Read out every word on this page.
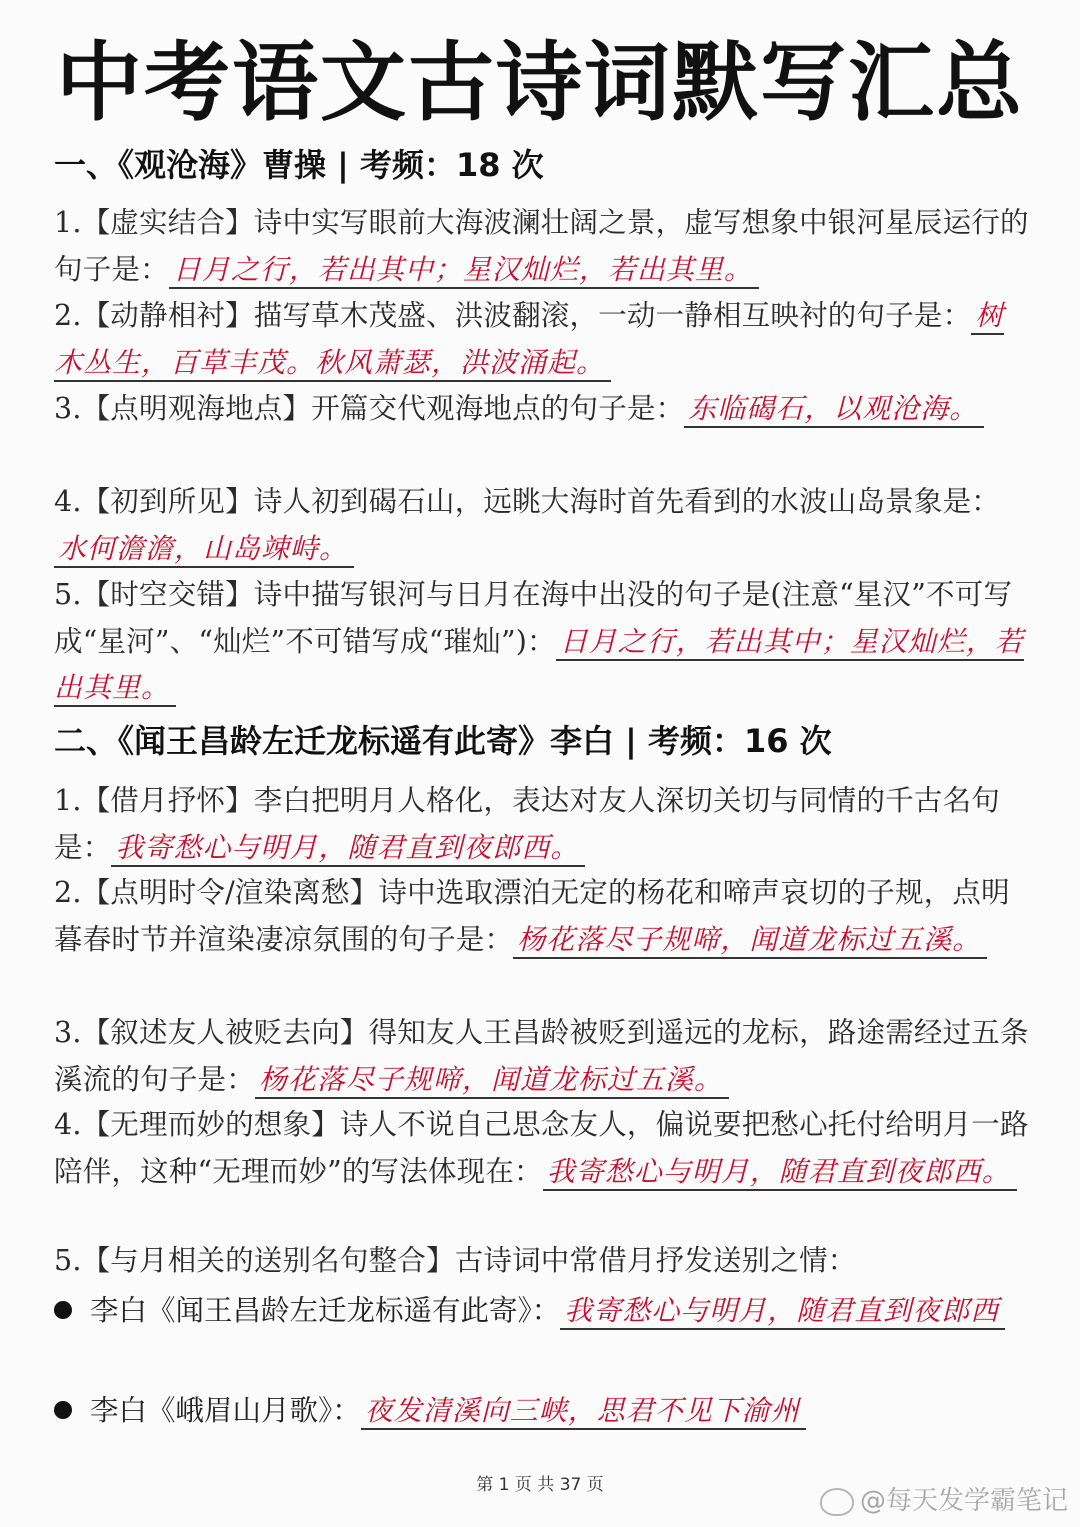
中考语文古诗词默写汇总
一、《观沧海》曹操 | 考频：18 次
1.【虚实结合】诗中实写眼前大海波澜壮阔之景，虚写想象中银河星辰运行的句子是： 日月之行，若出其中；星汉灿烂，若出其里。
2.【动静相衬】描写草木茂盛、洪波翻滚，一动一静相互映衬的句子是： 树木丛生，百草丰茂。秋风萧瑟，洪波涌起。
3.【点明观海地点】开篇交代观海地点的句子是： 东临碣石，以观沧海。
4.【初到所见】诗人初到碣石山，远眺大海时首先看到的水波山岛景象是：水何澹澹，山岛竦峙。
5.【时空交错】诗中描写银河与日月在海中出没的句子是(注意“星汉”不可写成“星河”、“灿烂”不可错写成“璀灿”)： 日月之行，若出其中；星汉灿烂，若出其里。
二、《闻王昌龄左迁龙标遥有此寄》李白 | 考频：16 次
1.【借月抒怀】李白把明月人格化，表达对友人深切关切与同情的千古名句是： 我寄愁心与明月，随君直到夜郎西。
2.【点明时令/渲染离愁】诗中选取漂泊无定的杨花和啼声哀切的子规，点明暮春时节并渲染凄凉氛围的句子是： 杨花落尽子规啼，闻道龙标过五溪。
3.【叙述友人被贬去向】得知友人王昌龄被贬到遥远的龙标，路途需经过五条溪流的句子是： 杨花落尽子规啼，闻道龙标过五溪。
4.【无理而妙的想象】诗人不说自己思念友人，偏说要把愁心托付给明月一路陪伴，这种“无理而妙”的写法体现在： 我寄愁心与明月，随君直到夜郎西。
5.【与月相关的送别名句整合】古诗词中常借月抒发送别之情：
李白《闻王昌龄左迁龙标遥有此寄》： 我寄愁心与明月，随君直到夜郎西
李白《峨眉山月歌》： 夜发清溪向三峡，思君不见下渝州
第 1 页 共 37 页
@每天发学霸笔记
